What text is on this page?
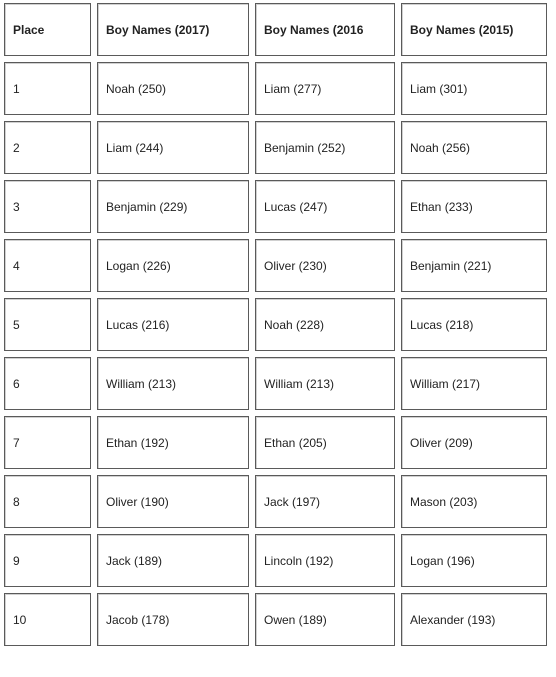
Place	Boy Names (2017)	Boy Names (2016	Boy Names (2015)
1	Noah (250)	Liam (277)	Liam (301)
2	Liam (244)	Benjamin (252)	Noah (256)
3	Benjamin (229)	Lucas (247)	Ethan (233)
4	Logan (226)	Oliver (230)	Benjamin (221)
5	Lucas (216)	Noah (228)	Lucas (218)
6	William (213)	William (213)	William (217)
7	Ethan (192)	Ethan (205)	Oliver (209)
8	Oliver (190)	Jack (197)	Mason (203)
9	Jack (189)	Lincoln (192)	Logan (196)
10	Jacob (178)	Owen (189)	Alexander (193)
